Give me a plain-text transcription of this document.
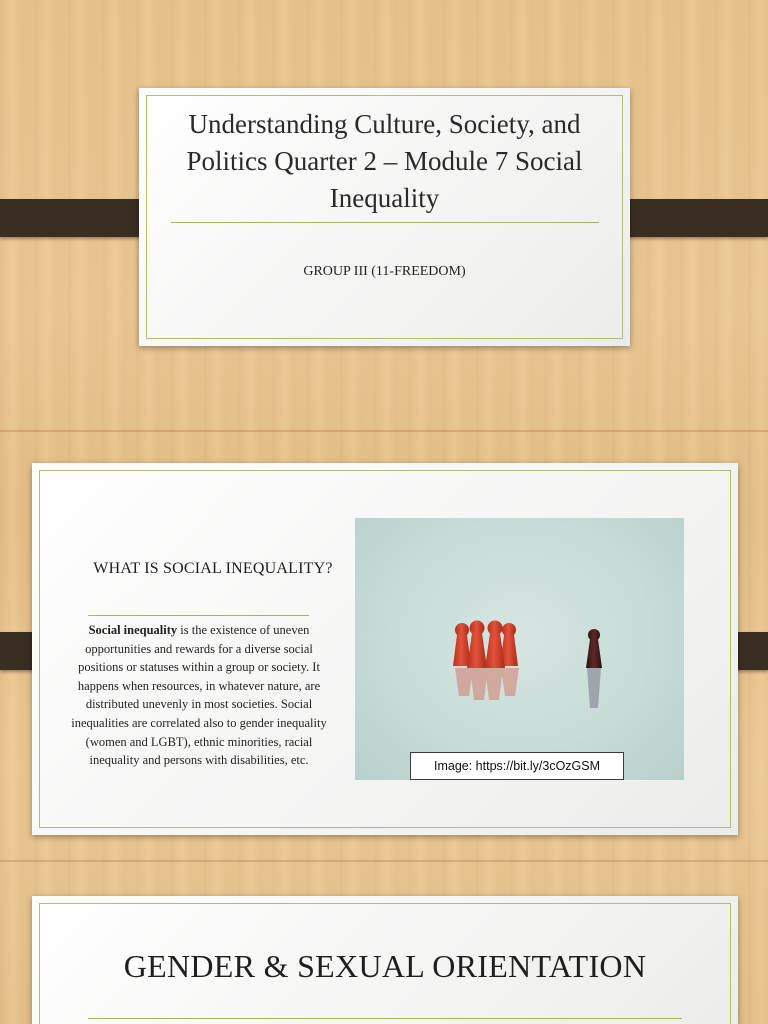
Understanding Culture, Society, and Politics Quarter 2 – Module 7 Social Inequality
GROUP III (11-FREEDOM)
WHAT IS SOCIAL INEQUALITY?
Social inequality is the existence of uneven opportunities and rewards for a diverse social positions or statuses within a group or society. It happens when resources, in whatever nature, are distributed unevenly in most societies. Social inequalities are correlated also to gender inequality (women and LGBT), ethnic minorities, racial inequality and persons with disabilities, etc.	Image: https://bit.ly/3cOzGSM
GENDER & SEXUAL ORIENTATION
